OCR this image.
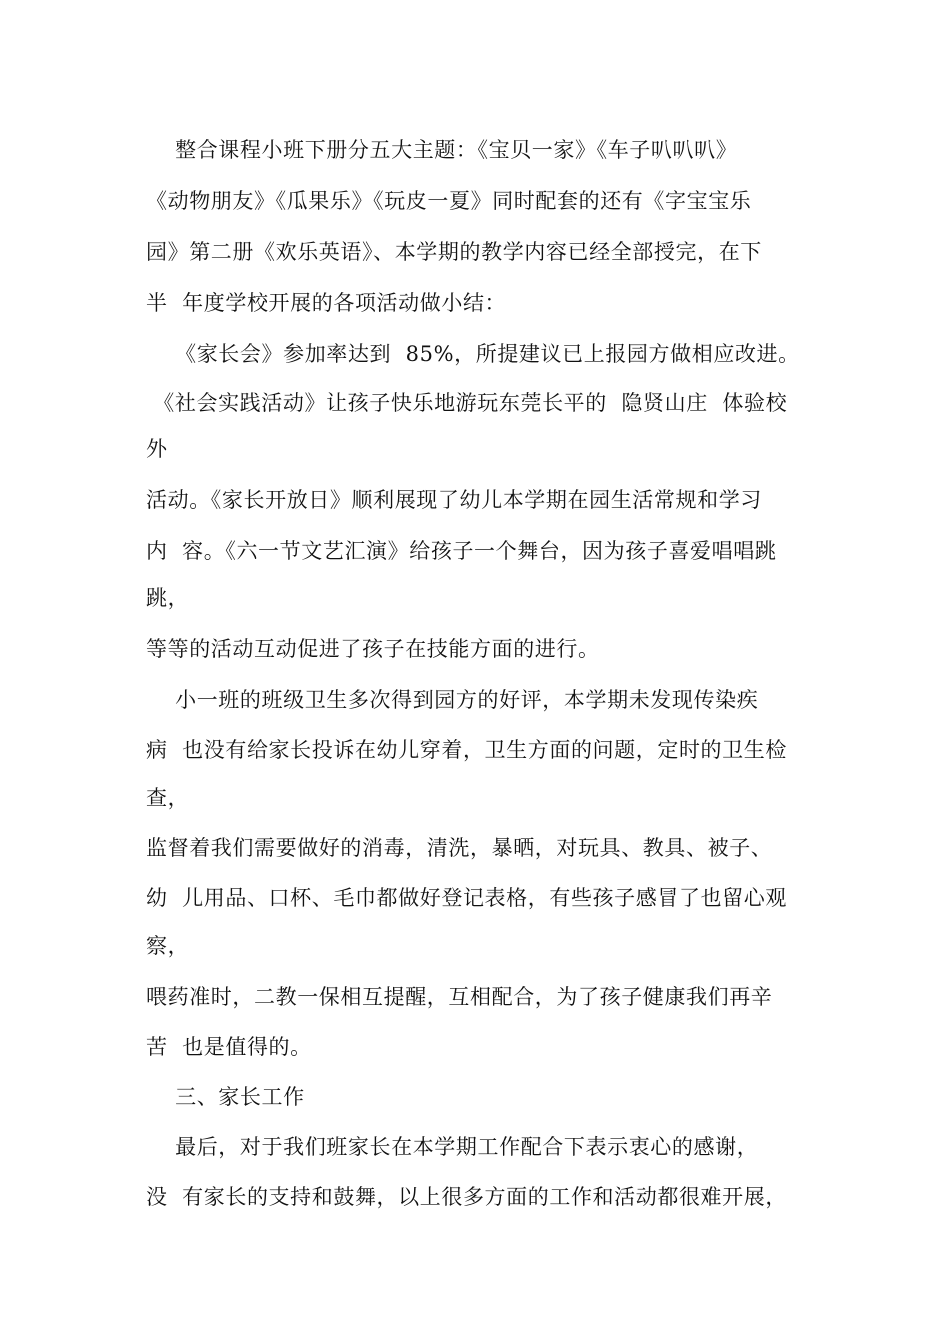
整合课程小班下册分五大主题：《宝贝一家》《车子叭叭叭》
《动物朋友》《瓜果乐》《玩皮一夏》同时配套的还有《字宝宝乐
园》第二册《欢乐英语》、本学期的教学内容已经全部授完，在下
半  年度学校开展的各项活动做小结：
《家长会》参加率达到  85%，所提建议已上报园方做相应改进。
《社会实践活动》让孩子快乐地游玩东莞长平的  隐贤山庄  体验校
外
活动。《家长开放日》顺利展现了幼儿本学期在园生活常规和学习
内  容。《六一节文艺汇演》给孩子一个舞台，因为孩子喜爱唱唱跳
跳，
等等的活动互动促进了孩子在技能方面的进行。
小一班的班级卫生多次得到园方的好评，本学期未发现传染疾
病  也没有给家长投诉在幼儿穿着，卫生方面的问题，定时的卫生检
查，
监督着我们需要做好的消毒，清洗，暴晒，对玩具、教具、被子、
幼  儿用品、口杯、毛巾都做好登记表格，有些孩子感冒了也留心观
察，
喂药准时，二教一保相互提醒，互相配合，为了孩子健康我们再辛
苦  也是值得的。
三、家长工作
最后，对于我们班家长在本学期工作配合下表示衷心的感谢，
没  有家长的支持和鼓舞，以上很多方面的工作和活动都很难开展，
